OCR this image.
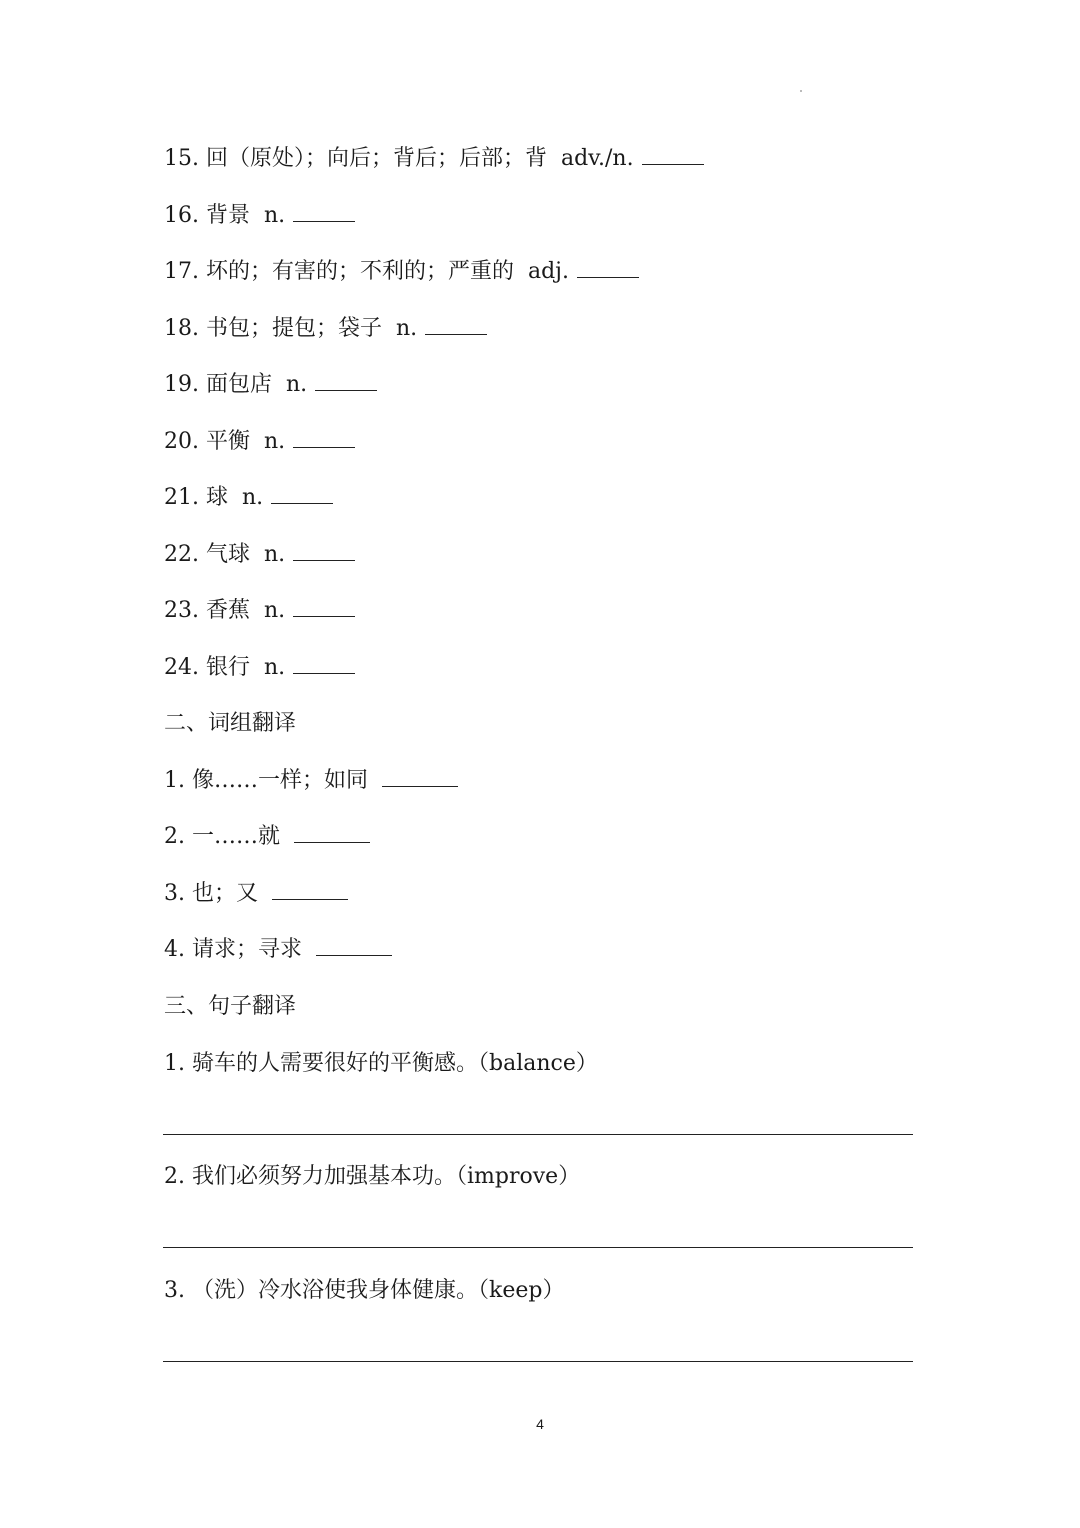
15. 回（原处）；向后；背后；后部；背  adv./n.
16. 背景  n.
17. 坏的；有害的；不利的；严重的  adj.
18. 书包；提包；袋子  n.
19. 面包店  n.
20. 平衡  n.
21. 球  n.
22. 气球  n.
23. 香蕉  n.
24. 银行  n.
二、词组翻译
1. 像……一样；如同
2. 一……就
3. 也；又
4. 请求；寻求
三、句子翻译
1. 骑车的人需要很好的平衡感。（balance）
2. 我们必须努力加强基本功。（improve）
3. （洗）冷水浴使我身体健康。（keep）
4
